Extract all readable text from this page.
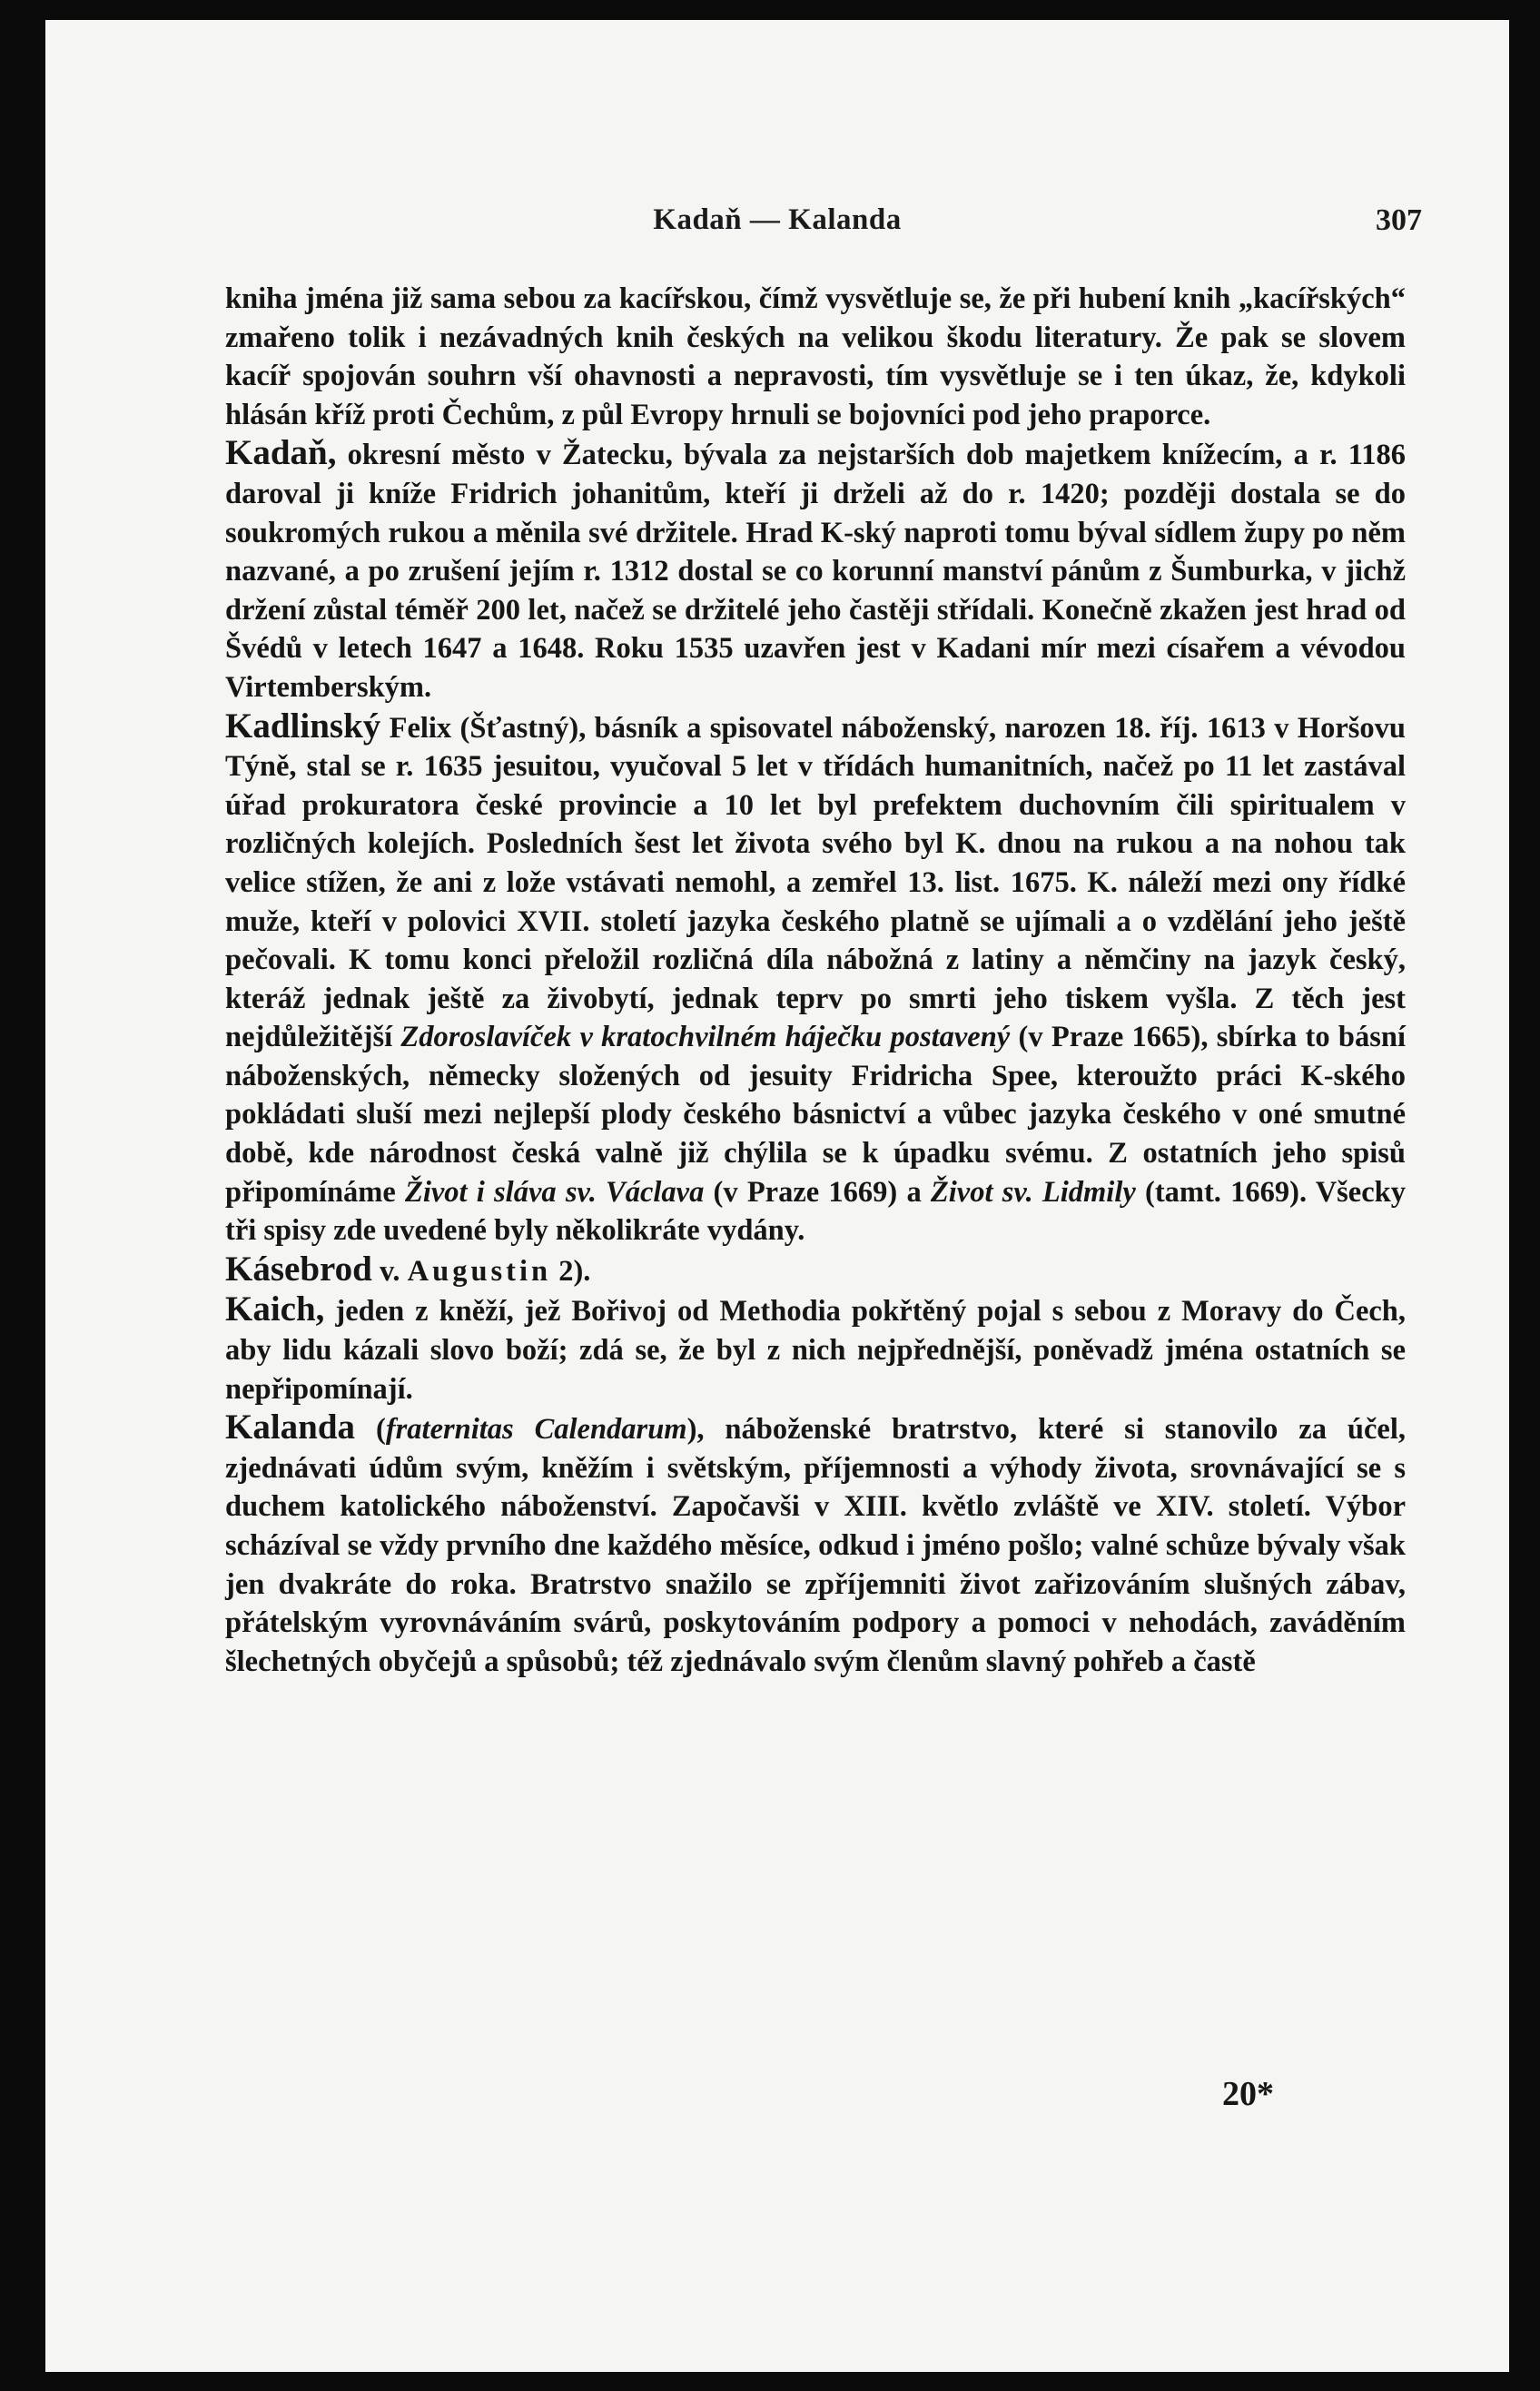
Kadaň — Kalanda	307

kniha jména již sama sebou za kacířskou, čímž vysvětluje se, že při hubení knih „kacířských“ zmařeno tolik i nezávadných knih českých na velikou škodu literatury. Že pak se slovem kacíř spojován souhrn vší ohavnosti a nepravosti, tím vysvětluje se i ten úkaz, že, kdykoli hlásán kříž proti Čechům, z půl Evropy hrnuli se bojovníci pod jeho praporce.

Kadaň, okresní město v Žatecku, bývala za nejstarších dob majetkem knížecím, a r. 1186 daroval ji kníže Fridrich johanitům, kteří ji drželi až do r. 1420; později dostala se do soukromých rukou a měnila své držitele. Hrad K-ský naproti tomu býval sídlem župy po něm nazvané, a po zrušení jejím r. 1312 dostal se co korunní manství pánům z Šumburka, v jichž držení zůstal téměř 200 let, načež se držitelé jeho častěji střídali. Konečně zkažen jest hrad od Švédů v letech 1647 a 1648. Roku 1535 uzavřen jest v Kadani mír mezi císařem a vévodou Virtemberským.

Kadlinský Felix (Šťastný), básník a spisovatel náboženský, narozen 18. říj. 1613 v Horšovu Týně, stal se r. 1635 jesuitou, vyučoval 5 let v třídách humanitních, načež po 11 let zastával úřad prokuratora české provincie a 10 let byl prefektem duchovním čili spiritualem v rozličných kolejích. Posledních šest let života svého byl K. dnou na rukou a na nohou tak velice stížen, že ani z lože vstávati nemohl, a zemřel 13. list. 1675. K. náleží mezi ony řídké muže, kteří v polovici XVII. století jazyka českého platně se ujímali a o vzdělání jeho ještě pečovali. K tomu konci přeložil rozličná díla nábožná z latiny a němčiny na jazyk český, kteráž jednak ještě za živobytí, jednak teprv po smrti jeho tiskem vyšla. Z těch jest nejdůležitější Zdoroslavíček v kratochvilném háječku postavený (v Praze 1665), sbírka to básní náboženských, německy složených od jesuity Fridricha Spee, kteroužto práci K-ského pokládati sluší mezi nejlepší plody českého básnictví a vůbec jazyka českého v oné smutné době, kde národnost česká valně již chýlila se k úpadku svému. Z ostatních jeho spisů připomínáme Život i sláva sv. Václava (v Praze 1669) a Život sv. Lidmily (tamt. 1669). Všecky tři spisy zde uvedené byly několikráte vydány.

Kásebrod v. Augustin 2).

Kaich, jeden z kněží, jež Bořivoj od Methodia pokřtěný pojal s sebou z Moravy do Čech, aby lidu kázali slovo boží; zdá se, že byl z nich nejpřednější, poněvadž jména ostatních se nepřipomínají.

Kalanda (fraternitas Calendarum), náboženské bratrstvo, které si stanovilo za účel, zjednávati údům svým, kněžím i světským, příjemnosti a výhody života, srovnávající se s duchem katolického náboženství. Započavši v XIII. květlo zvláště ve XIV. století. Výbor scházíval se vždy prvního dne každého měsíce, odkud i jméno pošlo; valné schůze bývaly však jen dvakráte do roka. Bratrstvo snažilo se zpříjemniti život zařizováním slušných zábav, přátelským vyrovnáváním svárů, poskytováním podpory a pomoci v nehodách, zaváděním šlechetných obyčejů a spůsobů; též zjednávalo svým členům slavný pohřeb a častě

20*
